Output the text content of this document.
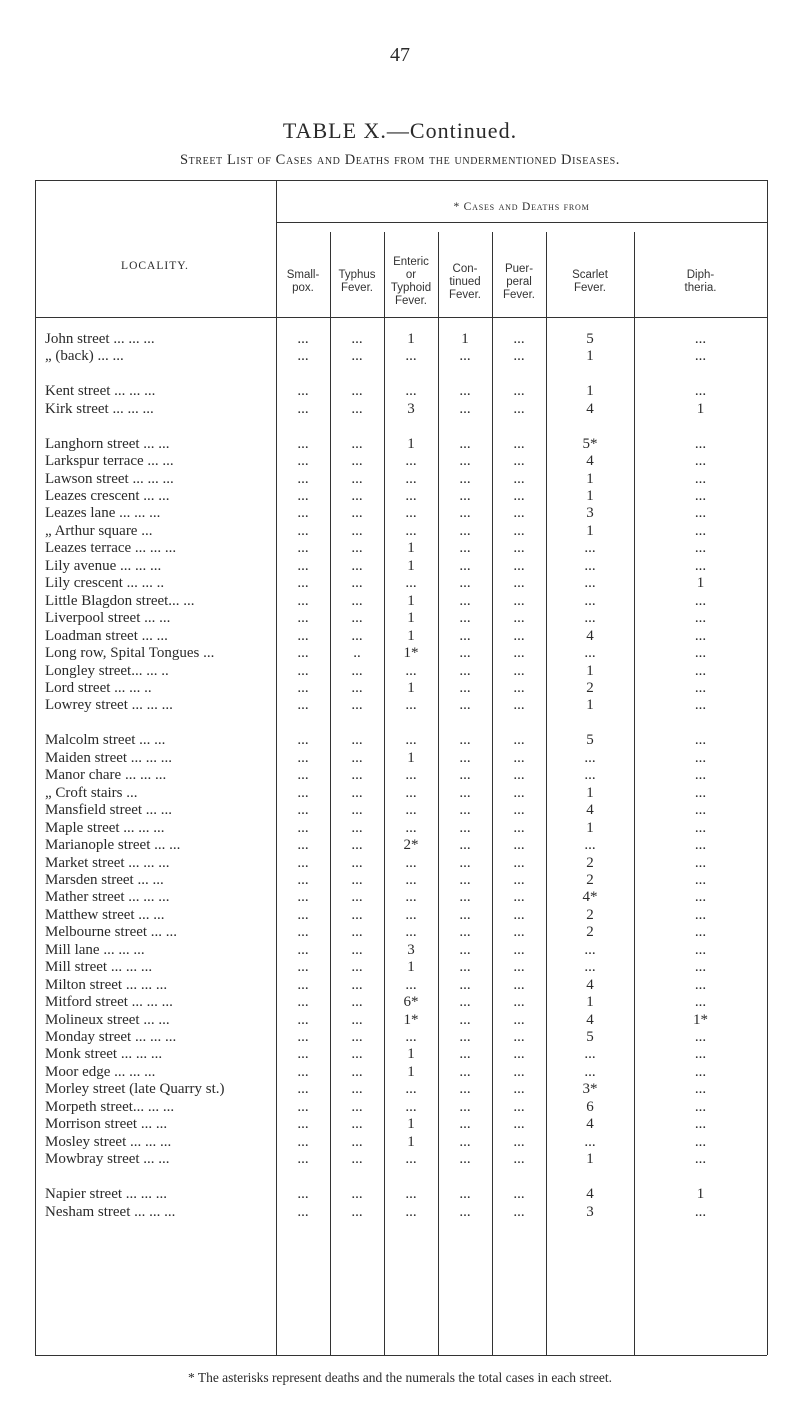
47
TABLE X.—Continued.
Street List of Cases and Deaths from the undermentioned Diseases.
* Cases and Deaths from
LOCALITY.
Small-
pox.
Typhus
Fever.
Enteric
or
Typhoid
Fever.
Con-
tinued
Fever.
Puer-
peral
Fever.
Scarlet
Fever.
Diph-
theria.
John street ... ... ...	...	...	1	1	...	5	...
„ (back) ... ...	...	...	...	...	...	1	...
Kent street ... ... ...	...	...	...	...	...	1	...
Kirk street ... ... ...	...	...	3	...	...	4	1
Langhorn street ... ...	...	...	1	...	...	5*	...
Larkspur terrace ... ...	...	...	...	...	...	4	...
Lawson street ... ... ...	...	...	...	...	...	1	...
Leazes crescent ... ...	...	...	...	...	...	1	...
Leazes lane ... ... ...	...	...	...	...	...	3	...
„ Arthur square ...	...	...	...	...	...	1	...
Leazes terrace ... ... ...	...	...	1	...	...	...	...
Lily avenue ... ... ...	...	...	1	...	...	...	...
Lily crescent ... ... ..	...	...	...	...	...	...	1
Little Blagdon street... ...	...	...	1	...	...	...	...
Liverpool street ... ...	...	...	1	...	...	...	...
Loadman street ... ...	...	...	1	...	...	4	...
Long row, Spital Tongues ...	...	..	1*	...	...	...	...
Longley street... ... ..	...	...	...	...	...	1	...
Lord street ... ... ..	...	...	1	...	...	2	...
Lowrey street ... ... ...	...	...	...	...	...	1	...
Malcolm street ... ...	...	...	...	...	...	5	...
Maiden street ... ... ...	...	...	1	...	...	...	...
Manor chare ... ... ...	...	...	...	...	...	...	...
„ Croft stairs ...	...	...	...	...	...	1	...
Mansfield street ... ...	...	...	...	...	...	4	...
Maple street ... ... ...	...	...	...	...	...	1	...
Marianople street ... ...	...	...	2*	...	...	...	...
Market street ... ... ...	...	...	...	...	...	2	...
Marsden street ... ...	...	...	...	...	...	2	...
Mather street ... ... ...	...	...	...	...	...	4*	...
Matthew street ... ...	...	...	...	...	...	2	...
Melbourne street ... ...	...	...	...	...	...	2	...
Mill lane ... ... ...	...	...	3	...	...	...	...
Mill street ... ... ...	...	...	1	...	...	...	...
Milton street ... ... ...	...	...	...	...	...	4	...
Mitford street ... ... ...	...	...	6*	...	...	1	...
Molineux street ... ...	...	...	1*	...	...	4	1*
Monday street ... ... ...	...	...	...	...	...	5	...
Monk street ... ... ...	...	...	1	...	...	...	...
Moor edge ... ... ...	...	...	1	...	...	...	...
Morley street (late Quarry st.)	...	...	...	...	...	3*	...
Morpeth street... ... ...	...	...	...	...	...	6	...
Morrison street ... ...	...	...	1	...	...	4	...
Mosley street ... ... ...	...	...	1	...	...	...	...
Mowbray street ... ...	...	...	...	...	...	1	...
Napier street ... ... ...	...	...	...	...	...	4	1
Nesham street ... ... ...	...	...	...	...	...	3	...
* The asterisks represent deaths and the numerals the total cases in each street.
